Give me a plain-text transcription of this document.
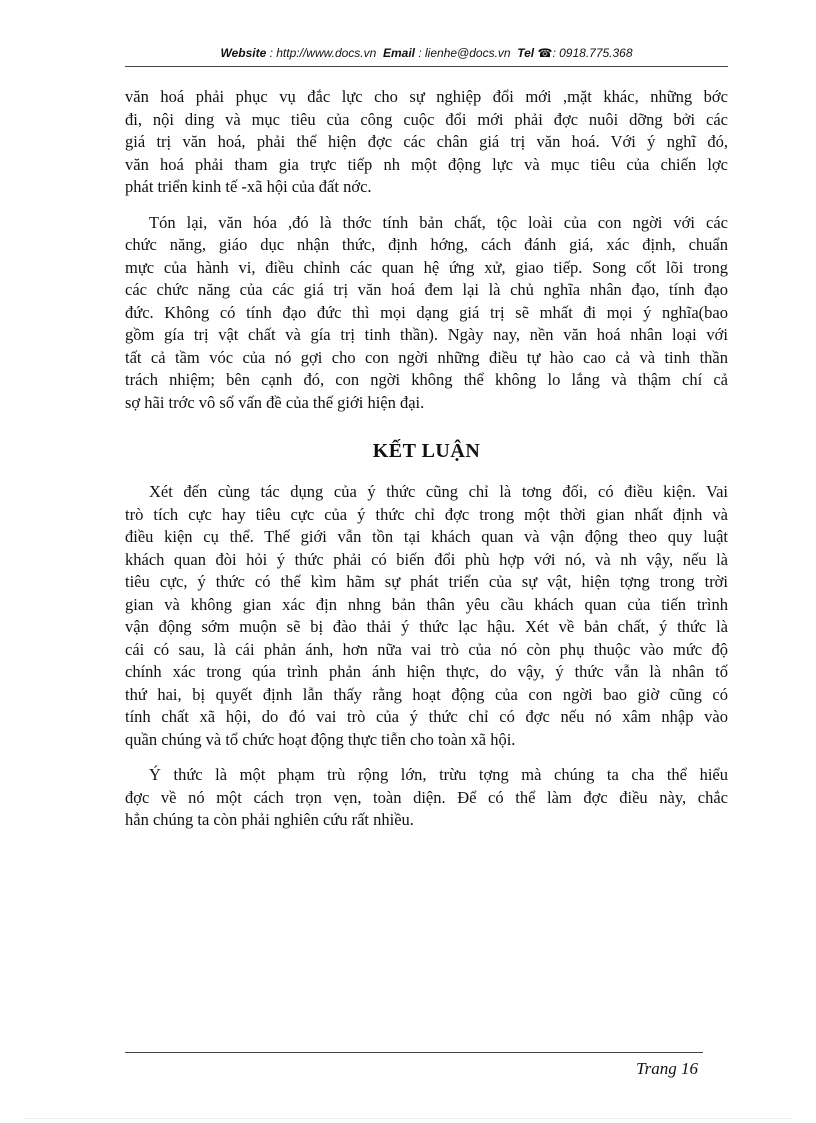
Website : http://www.docs.vn Email : lienhe@docs.vn Tel ☎: 0918.775.368
văn hoá phải phục vụ đắc lực cho sự nghiệp đổi mới ,mặt khác, những bớc
đi, nội ding và mục tiêu của công cuộc đổi mới phải đợc nuôi dỡng bởi các
giá trị văn hoá, phải thể hiện đợc các chân giá trị văn hoá. Với ý nghĩ đó,
văn hoá phải tham gia trực tiếp nh một động lực và mục tiêu của chiến lợc
phát triển kinh tế -xã hội của đất nớc.
Tón lại, văn hóa ,đó là thớc tính bản chất, tộc loài của con ngời với các
chức năng, giáo dục nhận thức, định hớng, cách đánh giá, xác định, chuẩn
mực của hành vi, điều chỉnh các quan hệ ứng xử, giao tiếp. Song cốt lõi trong
các chức năng của các giá trị văn hoá đem lại là chủ nghĩa nhân đạo, tính đạo
đức. Không có tính đạo đức thì mọi dạng giá trị sẽ mhất đi mọi ý nghĩa(bao
gồm gía trị vật chất và gía trị tinh thần). Ngày nay, nền văn hoá nhân loại với
tất cả tầm vóc của nó gợi cho con ngời những điều tự hào cao cả và tinh thần
trách nhiệm; bên cạnh đó, con ngời không thể không lo lắng và thậm chí cả
sợ hãi trớc vô số vấn đề của thế giới hiện đại.
KẾT LUẬN
Xét đến cùng tác dụng của ý thức cũng chỉ là tơng đối, có điều kiện. Vai
trò tích cực hay tiêu cực của ý thức chỉ đợc trong một thời gian nhất định và
điều kiện cụ thể. Thế giới vẫn tồn tại khách quan và vận động theo quy luật
khách quan đòi hỏi ý thức phải có biến đổi phù hợp với nó, và nh vậy, nếu là
tiêu cực, ý thức có thể kìm hãm sự phát triển của sự vật, hiện tợng trong trời
gian và không gian xác địn nhng bản thân yêu cầu khách quan của tiến trình
vận động sớm muộn sẽ bị đào thải ý thức lạc hậu. Xét về bản chất, ý thức là
cái có sau, là cái phản ánh, hơn nữa vai trò của nó còn phụ thuộc vào mức độ
chính xác trong qúa trình phản ánh hiện thực, do vậy, ý thức vẫn là nhân tố
thứ hai, bị quyết định lẫn thấy rằng hoạt động của con ngời bao giờ cũng có
tính chất xã hội, do đó vai trò của ý thức chỉ có đợc nếu nó xâm nhập vào
quần chúng và tổ chức hoạt động thực tiễn cho toàn xã hội.
Ý thức là một phạm trù rộng lớn, trừu tợng mà chúng ta cha thể hiểu
đợc về nó một cách trọn vẹn, toàn diện. Để có thể làm đợc điều này, chắc
hẳn chúng ta còn phải nghiên cứu rất nhiều.
Trang 16
